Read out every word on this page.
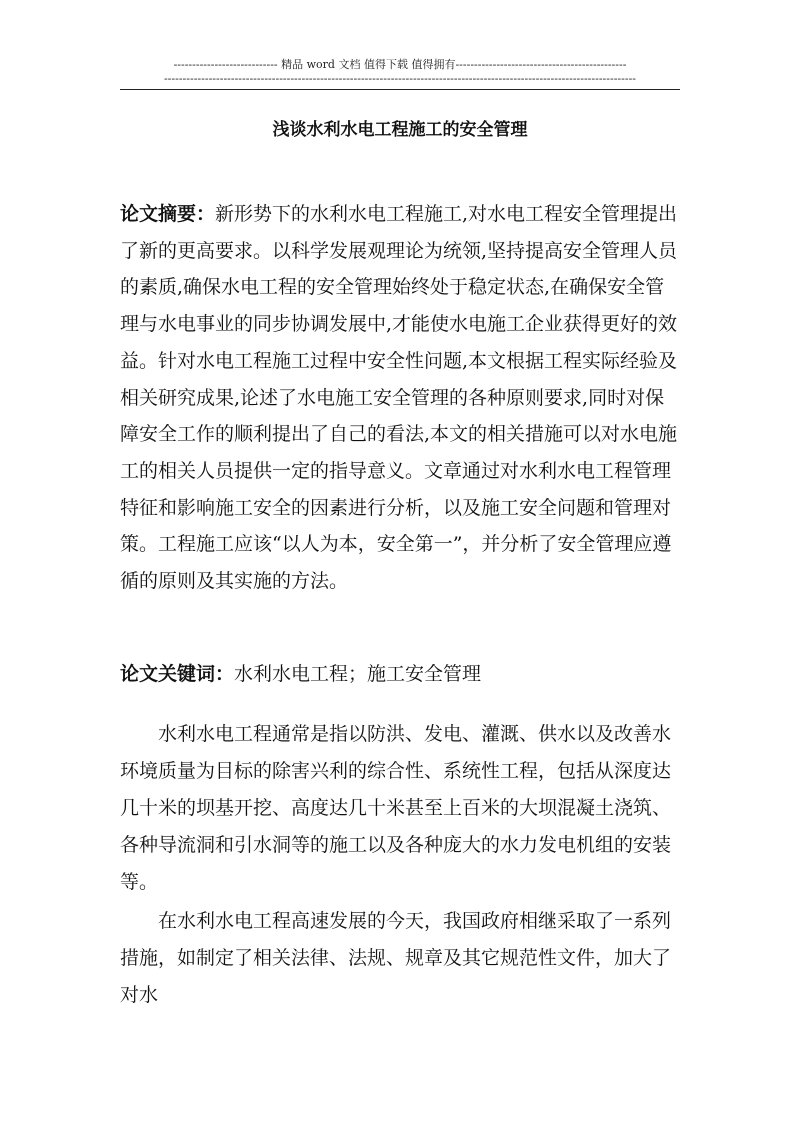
---------------------------- 精品 word 文档 值得下载 值得拥有----------------------------------------------
-------------------------------------------------------------------------------------------------------------------------------
浅谈水利水电工程施工的安全管理

论文摘要：新形势下的水利水电工程施工,对水电工程安全管理提出了新的更高要求。以科学发展观理论为统领,坚持提高安全管理人员的素质,确保水电工程的安全管理始终处于稳定状态,在确保安全管理与水电事业的同步协调发展中,才能使水电施工企业获得更好的效益。针对水电工程施工过程中安全性问题,本文根据工程实际经验及相关研究成果,论述了水电施工安全管理的各种原则要求,同时对保障安全工作的顺利提出了自己的看法,本文的相关措施可以对水电施工的相关人员提供一定的指导意义。文章通过对水利水电工程管理特征和影响施工安全的因素进行分析，以及施工安全问题和管理对策。工程施工应该“以人为本，安全第一”，并分析了安全管理应遵循的原则及其实施的方法。

论文关键词：水利水电工程；施工安全管理

水利水电工程通常是指以防洪、发电、灌溉、供水以及改善水环境质量为目标的除害兴利的综合性、系统性工程，包括从深度达几十米的坝基开挖、高度达几十米甚至上百米的大坝混凝土浇筑、各种导流洞和引水洞等的施工以及各种庞大的水力发电机组的安装等。
在水利水电工程高速发展的今天，我国政府相继采取了一系列措施，如制定了相关法律、法规、规章及其它规范性文件，加大了对水
